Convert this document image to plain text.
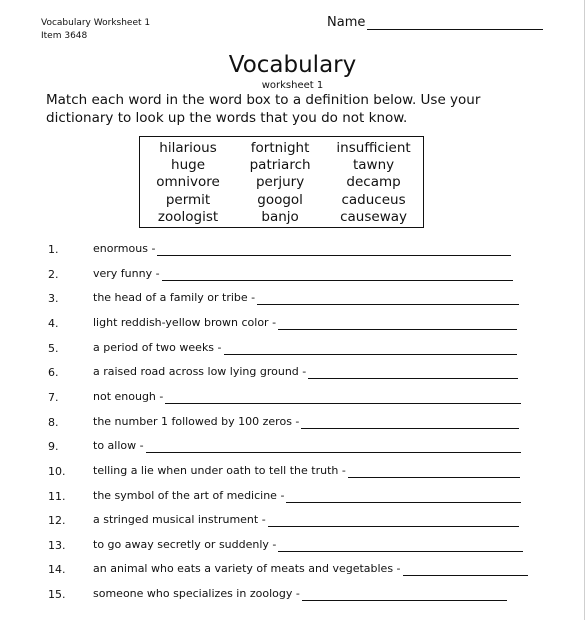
Vocabulary Worksheet 1
Item 3648
Name
Vocabulary
worksheet 1
Match each word in the word box to a definition below. Use your
dictionary to look up the words that you do not know.
hilarious	fortnight	insufficient
huge	patriarch	tawny
omnivore	perjury	decamp
permit	googol	caduceus
zoologist	banjo	causeway
1.	enormous -
2.	very funny -
3.	the head of a family or tribe -
4.	light reddish-yellow brown color -
5.	a period of two weeks -
6.	a raised road across low lying ground -
7.	not enough -
8.	the number 1 followed by 100 zeros -
9.	to allow -
10.	telling a lie when under oath to tell the truth -
11.	the symbol of the art of medicine -
12.	a stringed musical instrument -
13.	to go away secretly or suddenly -
14.	an animal who eats a variety of meats and vegetables -
15.	someone who specializes in zoology -
